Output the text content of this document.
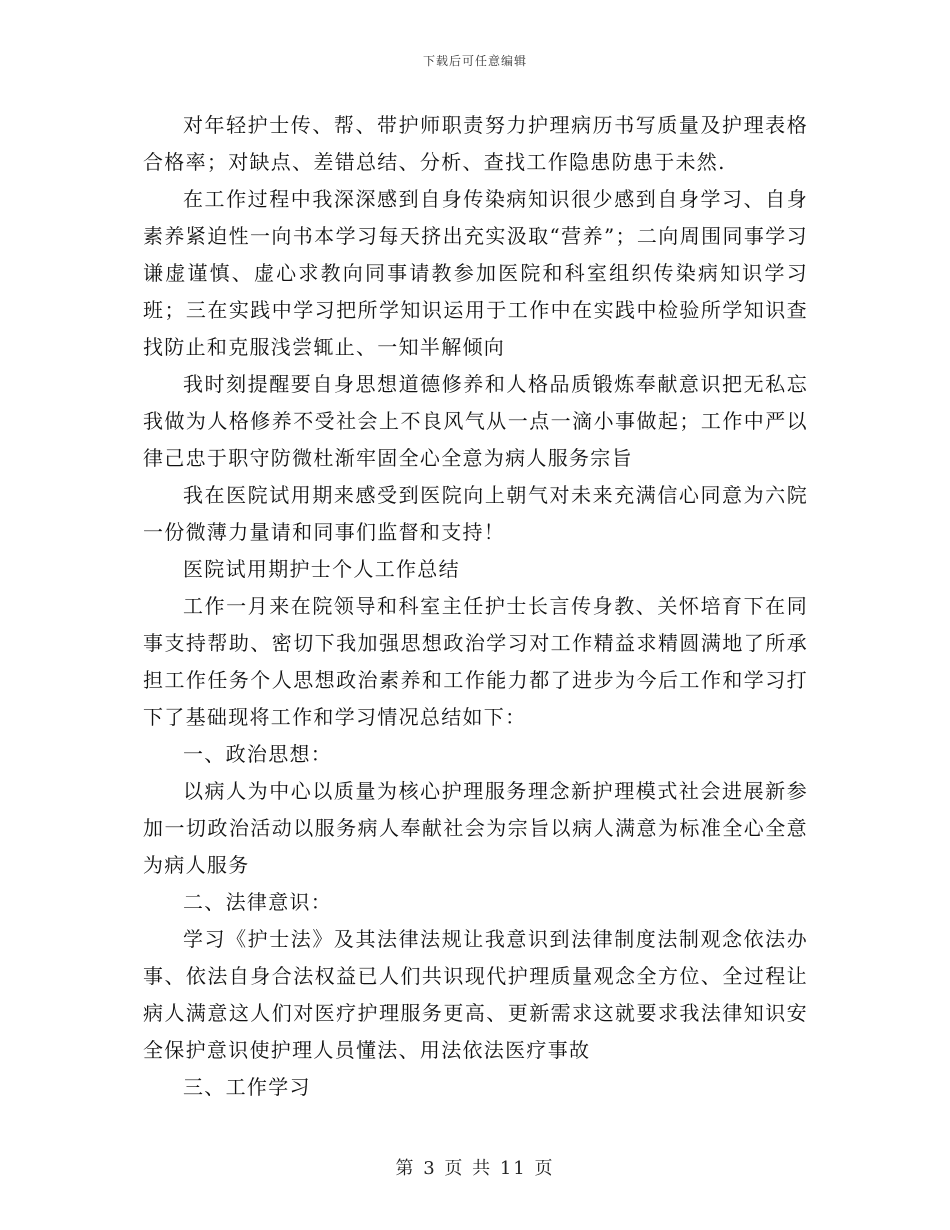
下载后可任意编辑

对年轻护士传、帮、带护师职责努力护理病历书写质量及护理表格合格率；对缺点、差错总结、分析、查找工作隐患防患于未然.

在工作过程中我深深感到自身传染病知识很少感到自身学习、自身素养紧迫性一向书本学习每天挤出充实汲取“营养”；二向周围同事学习谦虚谨慎、虚心求教向同事请教参加医院和科室组织传染病知识学习班；三在实践中学习把所学知识运用于工作中在实践中检验所学知识查找防止和克服浅尝辄止、一知半解倾向

我时刻提醒要自身思想道德修养和人格品质锻炼奉献意识把无私忘我做为人格修养不受社会上不良风气从一点一滴小事做起；工作中严以律己忠于职守防微杜渐牢固全心全意为病人服务宗旨

我在医院试用期来感受到医院向上朝气对未来充满信心同意为六院一份微薄力量请和同事们监督和支持！

医院试用期护士个人工作总结

工作一月来在院领导和科室主任护士长言传身教、关怀培育下在同事支持帮助、密切下我加强思想政治学习对工作精益求精圆满地了所承担工作任务个人思想政治素养和工作能力都了进步为今后工作和学习打下了基础现将工作和学习情况总结如下：

一、政治思想：

以病人为中心以质量为核心护理服务理念新护理模式社会进展新参加一切政治活动以服务病人奉献社会为宗旨以病人满意为标准全心全意为病人服务

二、法律意识：

学习《护士法》及其法律法规让我意识到法律制度法制观念依法办事、依法自身合法权益已人们共识现代护理质量观念全方位、全过程让病人满意这人们对医疗护理服务更高、更新需求这就要求我法律知识安全保护意识使护理人员懂法、用法依法医疗事故

三、工作学习

第 3 页 共 11 页
